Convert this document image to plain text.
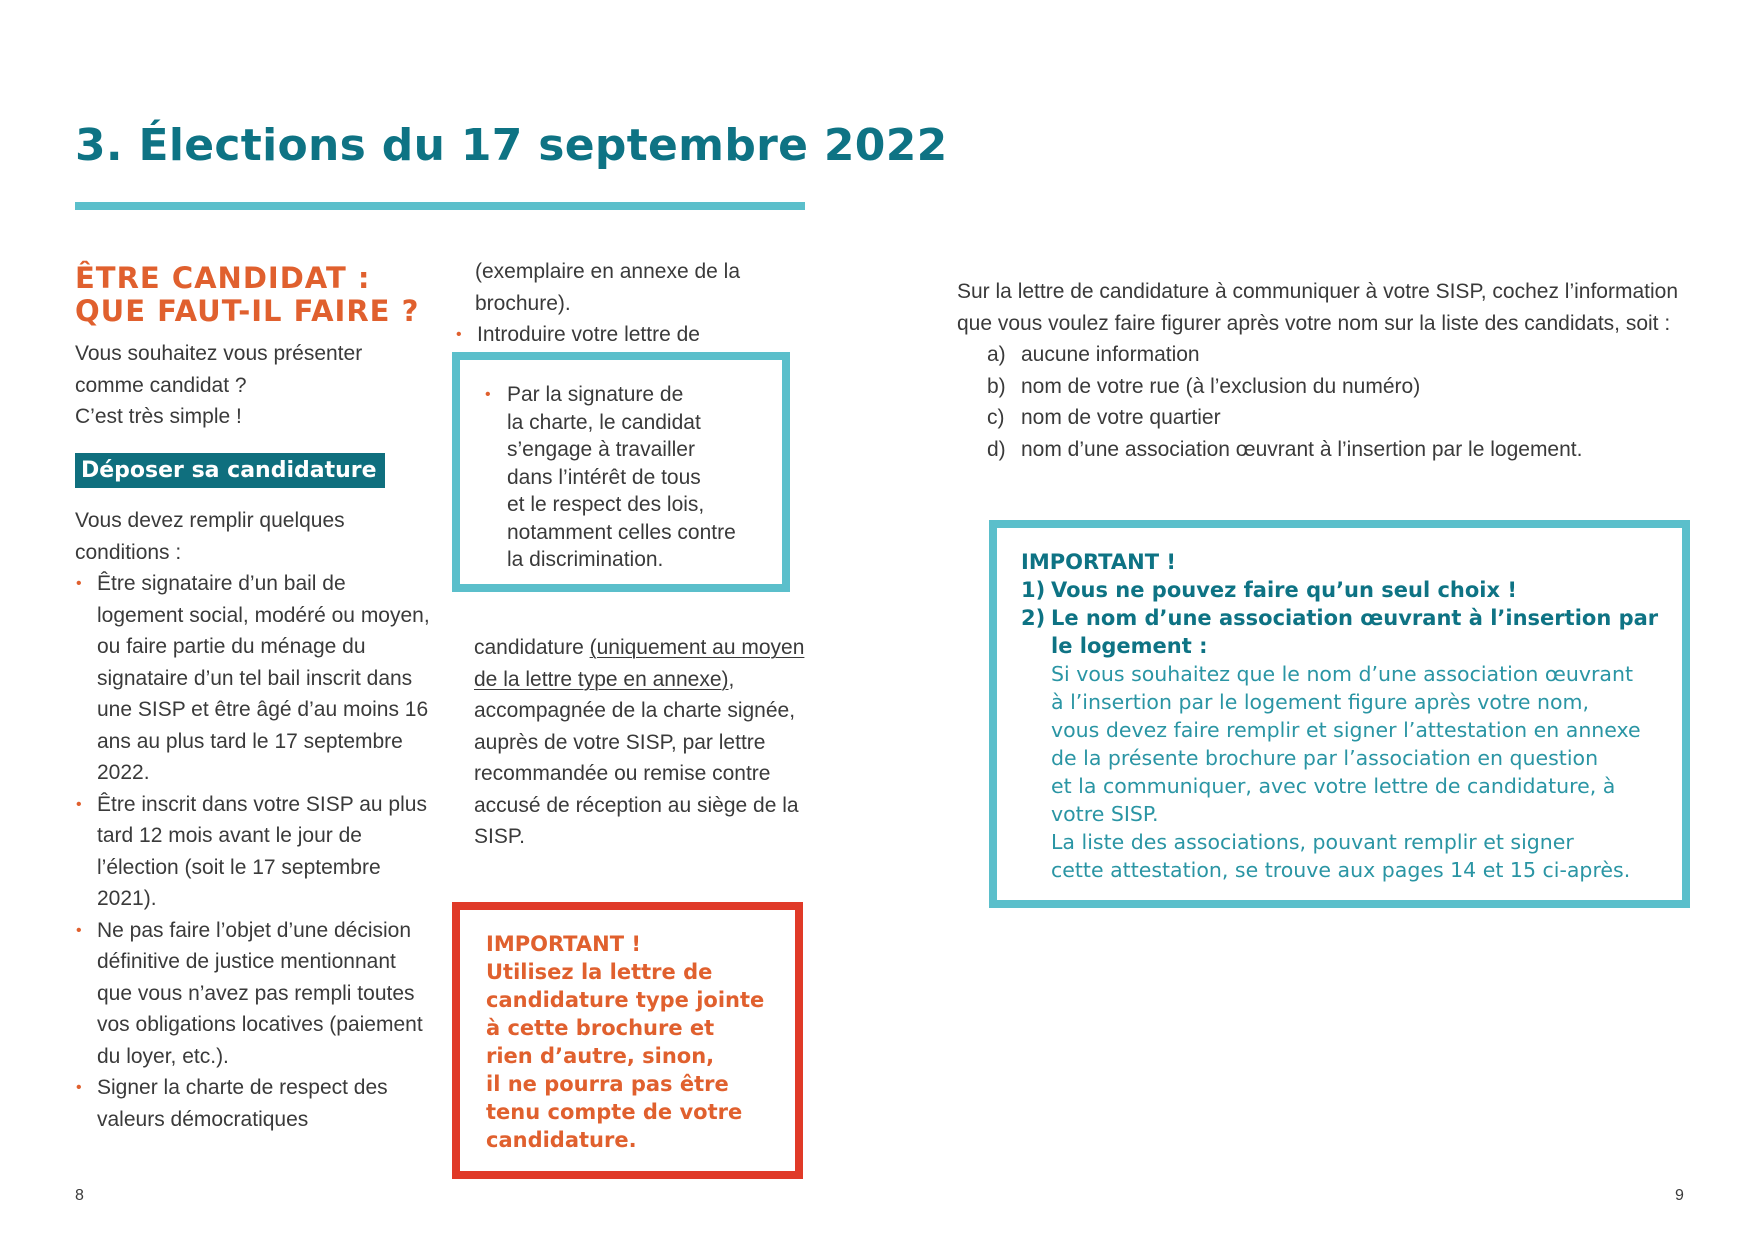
3. Élections du 17 septembre 2022
ÊTRE CANDIDAT :
QUE FAUT-IL FAIRE ?
Vous souhaitez vous présenter
comme candidat ?
C’est très simple !
Déposer sa candidature
Vous devez remplir quelques conditions :
• Être signataire d’un bail de logement social, modéré ou moyen, ou faire partie du ménage du signataire d’un tel bail inscrit dans une SISP et être âgé d’au moins 16 ans au plus tard le 17 septembre 2022.
• Être inscrit dans votre SISP au plus tard 12 mois avant le jour de l’élection (soit le 17 septembre 2021).
• Ne pas faire l’objet d’une décision définitive de justice mentionnant que vous n’avez pas rempli toutes vos obligations locatives (paiement du loyer, etc.).
• Signer la charte de respect des valeurs démocratiques
(exemplaire en annexe de la brochure).
• Introduire votre lettre de
• Par la signature de
la charte, le candidat
s’engage à travailler
dans l’intérêt de tous
et le respect des lois,
notamment celles contre
la discrimination.
candidature (uniquement au moyen de la lettre type en annexe), accompagnée de la charte signée, auprès de votre SISP, par lettre recommandée ou remise contre accusé de réception au siège de la SISP.
IMPORTANT !
Utilisez la lettre de
candidature type jointe
à cette brochure et
rien d’autre, sinon,
il ne pourra pas être
tenu compte de votre
candidature.

Sur la lettre de candidature à communiquer à votre SISP, cochez l’information que vous voulez faire figurer après votre nom sur la liste des candidats, soit :

a) aucune information
b) nom de votre rue (à l’exclusion du numéro)
c) nom de votre quartier
d) nom d’une association œuvrant à l’insertion par le logement.
IMPORTANT !
1) Vous ne pouvez faire qu’un seul choix !
2) Le nom d’une association œuvrant à l’insertion par le logement :
Si vous souhaitez que le nom d’une association œuvrant
à l’insertion par le logement figure après votre nom,
vous devez faire remplir et signer l’attestation en annexe
de la présente brochure par l’association en question
et la communiquer, avec votre lettre de candidature, à
votre SISP.
La liste des associations, pouvant remplir et signer
cette attestation, se trouve aux pages 14 et 15 ci-après.
8	9
